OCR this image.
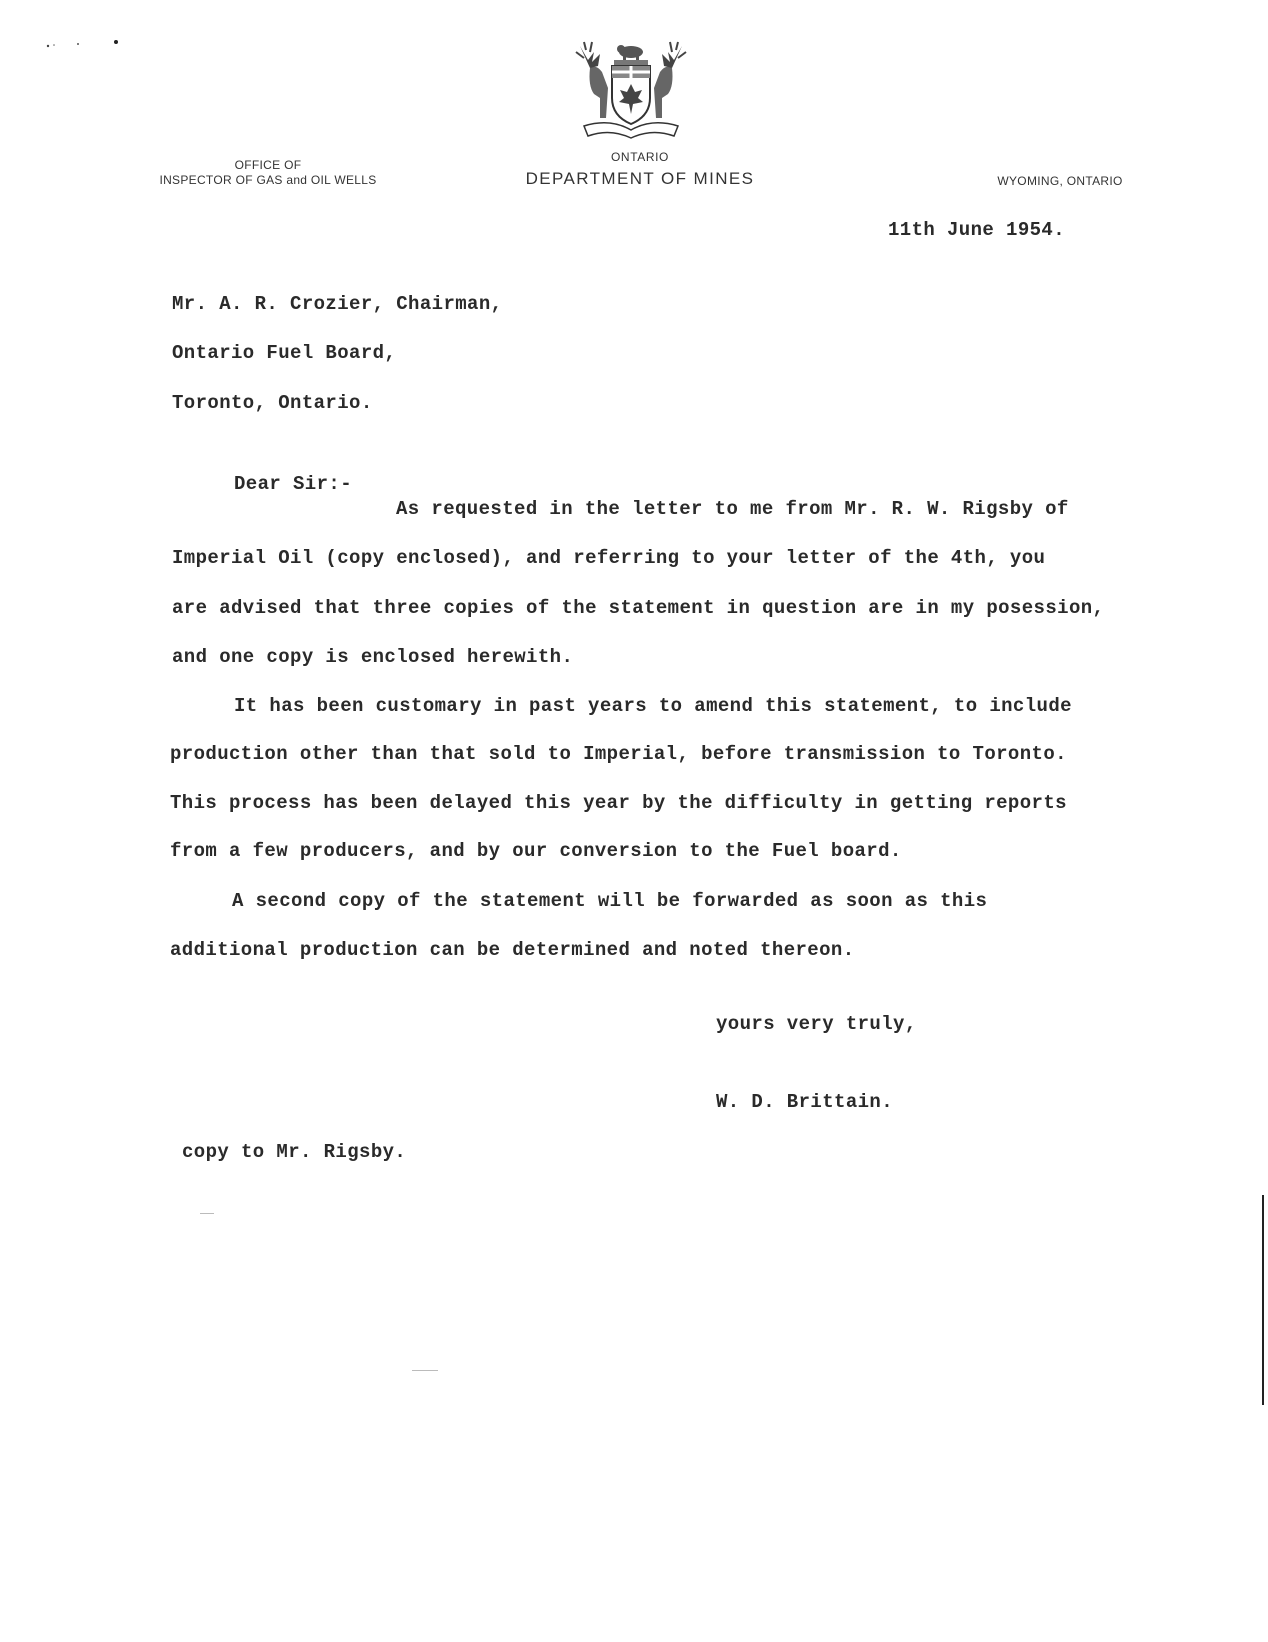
OFFICE OF
INSPECTOR OF GAS and OIL WELLS
ONTARIO
DEPARTMENT OF MINES	WYOMING, ONTARIO
11th June 1954.
Mr. A. R. Crozier, Chairman,
Ontario Fuel Board,
Toronto, Ontario.
Dear Sir:-
As requested in the letter to me from Mr. R. W. Rigsby of
Imperial Oil (copy enclosed), and referring to your letter of the 4th, you
are advised that three copies of the statement in question are in my posession,
and one copy is enclosed herewith.
It has been customary in past years to amend this statement, to include
production other than that sold to Imperial, before transmission to Toronto.
This process has been delayed this year by the difficulty in getting reports
from a few producers, and by our conversion to the Fuel board.
A second copy of the statement will be forwarded as soon as this
additional production can be determined and noted thereon.
yours very truly,
W. D. Brittain.
copy to Mr. Rigsby.
